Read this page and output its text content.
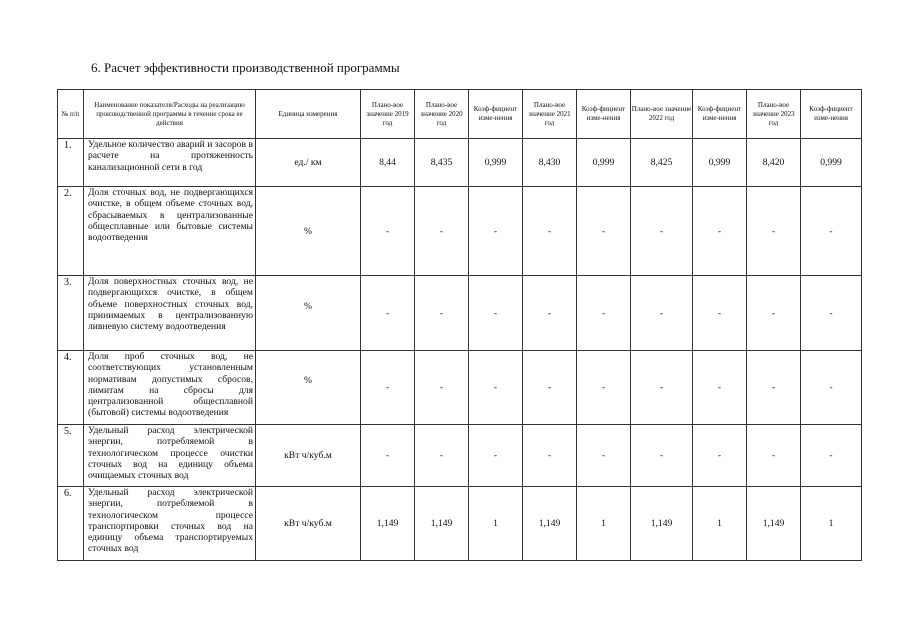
6. Расчет эффективности производственной программы
№ п/п	Наименование показателя/Расходы на реализацию производственной программы в течение срока ее действия	Единица измерения	Плано-вое значение 2019 год	Плано-вое значение 2020 год	Коэф-фициент изме-нения	Плано-вое значение 2021 год	Коэф-фициент изме-нения	Плано-вое значение 2022 год	Коэф-фициент изме-нения	Плано-вое значение 2023 год	Коэф-фициент изме-нения
1.	Удельное количество аварий и засоров в расчете на протяженность канализационной сети в год	ед./ км	8,44	8,435	0,999	8,430	0,999	8,425	0,999	8,420	0,999
2.	Доля сточных вод, не подвергающихся очистке, в общем объеме сточных вод, сбрасываемых в централизованные общесплавные или бытовые системы водоотведения	%	-	-	-	-	-	-	-	-	-
3.	Доля поверхностных сточных вод, не подвергающихся очистке, в общем объеме поверхностных сточных вод, принимаемых в централизованную ливневую систему водоотведения	%	-	-	-	-	-	-	-	-	-
4.	Доля проб сточных вод, не соответствующих установленным нормативам допустимых сбросов, лимитам на сбросы для централизованной общесплавной (бытовой) системы водоотведения	%	-	-	-	-	-	-	-	-	-
5.	Удельный расход электрической энергии, потребляемой в технологическом процессе очистки сточных вод на единицу объема очищаемых сточных вод	кВт ч/куб.м	-	-	-	-	-	-	-	-	-
6.	Удельный расход электрической энергии, потребляемой в технологическом процессе транспортировки сточных вод на единицу объема транспортируемых сточных вод	кВт ч/куб.м	1,149	1,149	1	1,149	1	1,149	1	1,149	1
